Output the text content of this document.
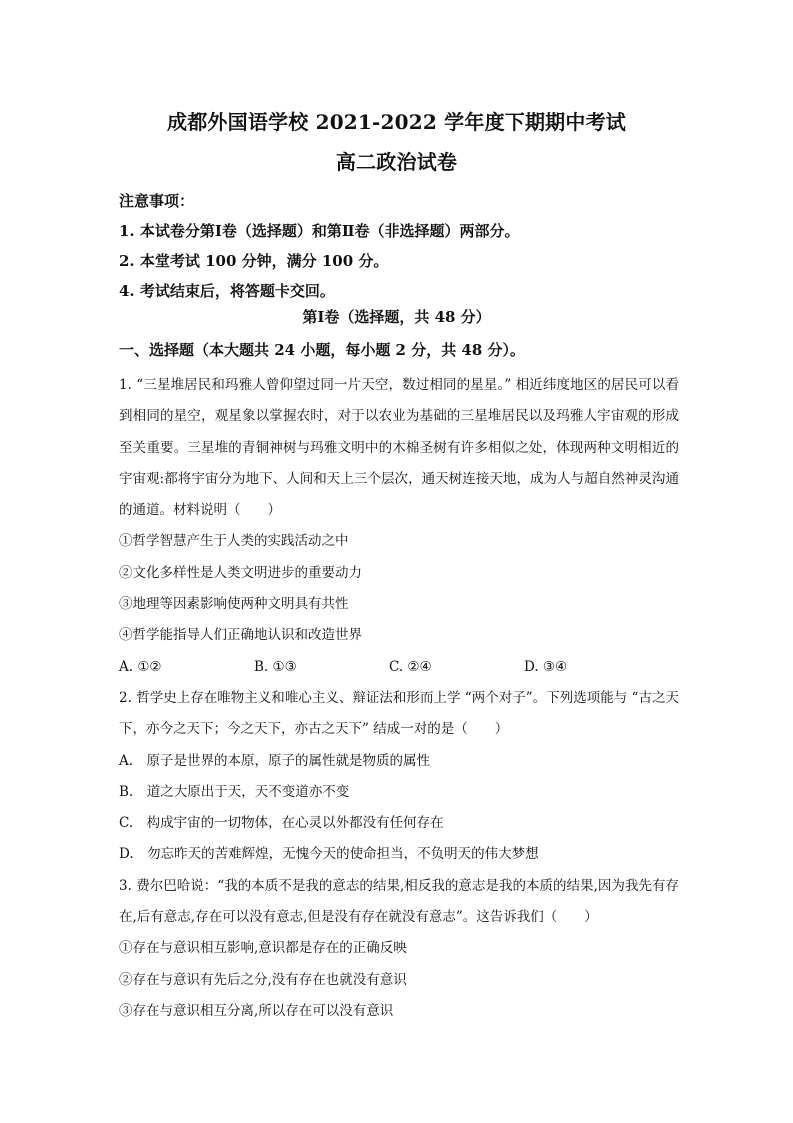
成都外国语学校 2021-2022 学年度下期期中考试
高二政治试卷
注意事项：
1. 本试卷分第Ⅰ卷（选择题）和第Ⅱ卷（非选择题）两部分。
2. 本堂考试 100 分钟，满分 100 分。
4. 考试结束后，将答题卡交回。
第Ⅰ卷（选择题，共 48 分）
一、选择题（本大题共 24 小题，每小题 2 分，共 48 分）。
1. “三星堆居民和玛雅人曾仰望过同一片天空，数过相同的星星。” 相近纬度地区的居民可以看到相同的星空，观星象以掌握农时，对于以农业为基础的三星堆居民以及玛雅人宇宙观的形成至关重要。三星堆的青铜神树与玛雅文明中的木棉圣树有许多相似之处，体现两种文明相近的宇宙观:都将宇宙分为地下、人间和天上三个层次，通天树连接天地，成为人与超自然神灵沟通的通道。材料说明（　　）
①哲学智慧产生于人类的实践活动之中
②文化多样性是人类文明进步的重要动力
③地理等因素影响使两种文明具有共性
④哲学能指导人们正确地认识和改造世界
A. ①②	B. ①③	C. ②④	D. ③④
2. 哲学史上存在唯物主义和唯心主义、辩证法和形而上学 “两个对子”。下列选项能与 “古之天下，亦今之天下；今之天下，亦古之天下” 结成一对的是（　　）
A.　原子是世界的本原，原子的属性就是物质的属性
B.　道之大原出于天，天不变道亦不变
C.　构成宇宙的一切物体，在心灵以外都没有任何存在
D.　勿忘昨天的苦难辉煌，无愧今天的使命担当，不负明天的伟大梦想
3. 费尔巴哈说：“我的本质不是我的意志的结果,相反我的意志是我的本质的结果,因为我先有存在,后有意志,存在可以没有意志,但是没有存在就没有意志”。这告诉我们（　　）
①存在与意识相互影响,意识都是存在的正确反映
②存在与意识有先后之分,没有存在也就没有意识
③存在与意识相互分离,所以存在可以没有意识
